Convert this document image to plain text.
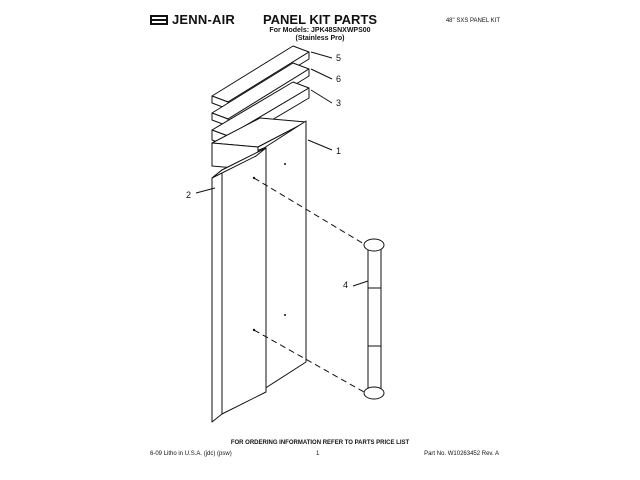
JENN-AIR PANEL KIT PARTS
For Models: JPK48SNXWPS00
(Stainless Pro)
48" SXS PANEL KIT
5
6
3
1
2
4
FOR ORDERING INFORMATION REFER TO PARTS PRICE LIST
6-09 Litho in U.S.A. (jdc) (psw)	1	Part No. W10263452 Rev. A
